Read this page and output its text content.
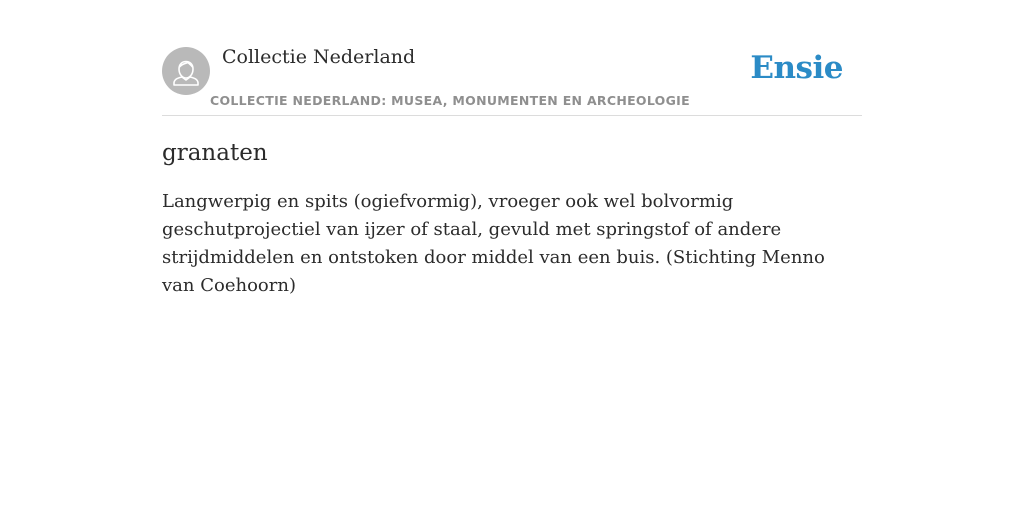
Collectie Nederland
COLLECTIE NEDERLAND: MUSEA, MONUMENTEN EN ARCHEOLOGIE
Ensie
granaten

Langwerpig en spits (ogiefvormig), vroeger ook wel bolvormig geschutprojectiel van ijzer of staal, gevuld met springstof of andere strijdmiddelen en ontstoken door middel van een buis. (Stichting Menno van Coehoorn)
